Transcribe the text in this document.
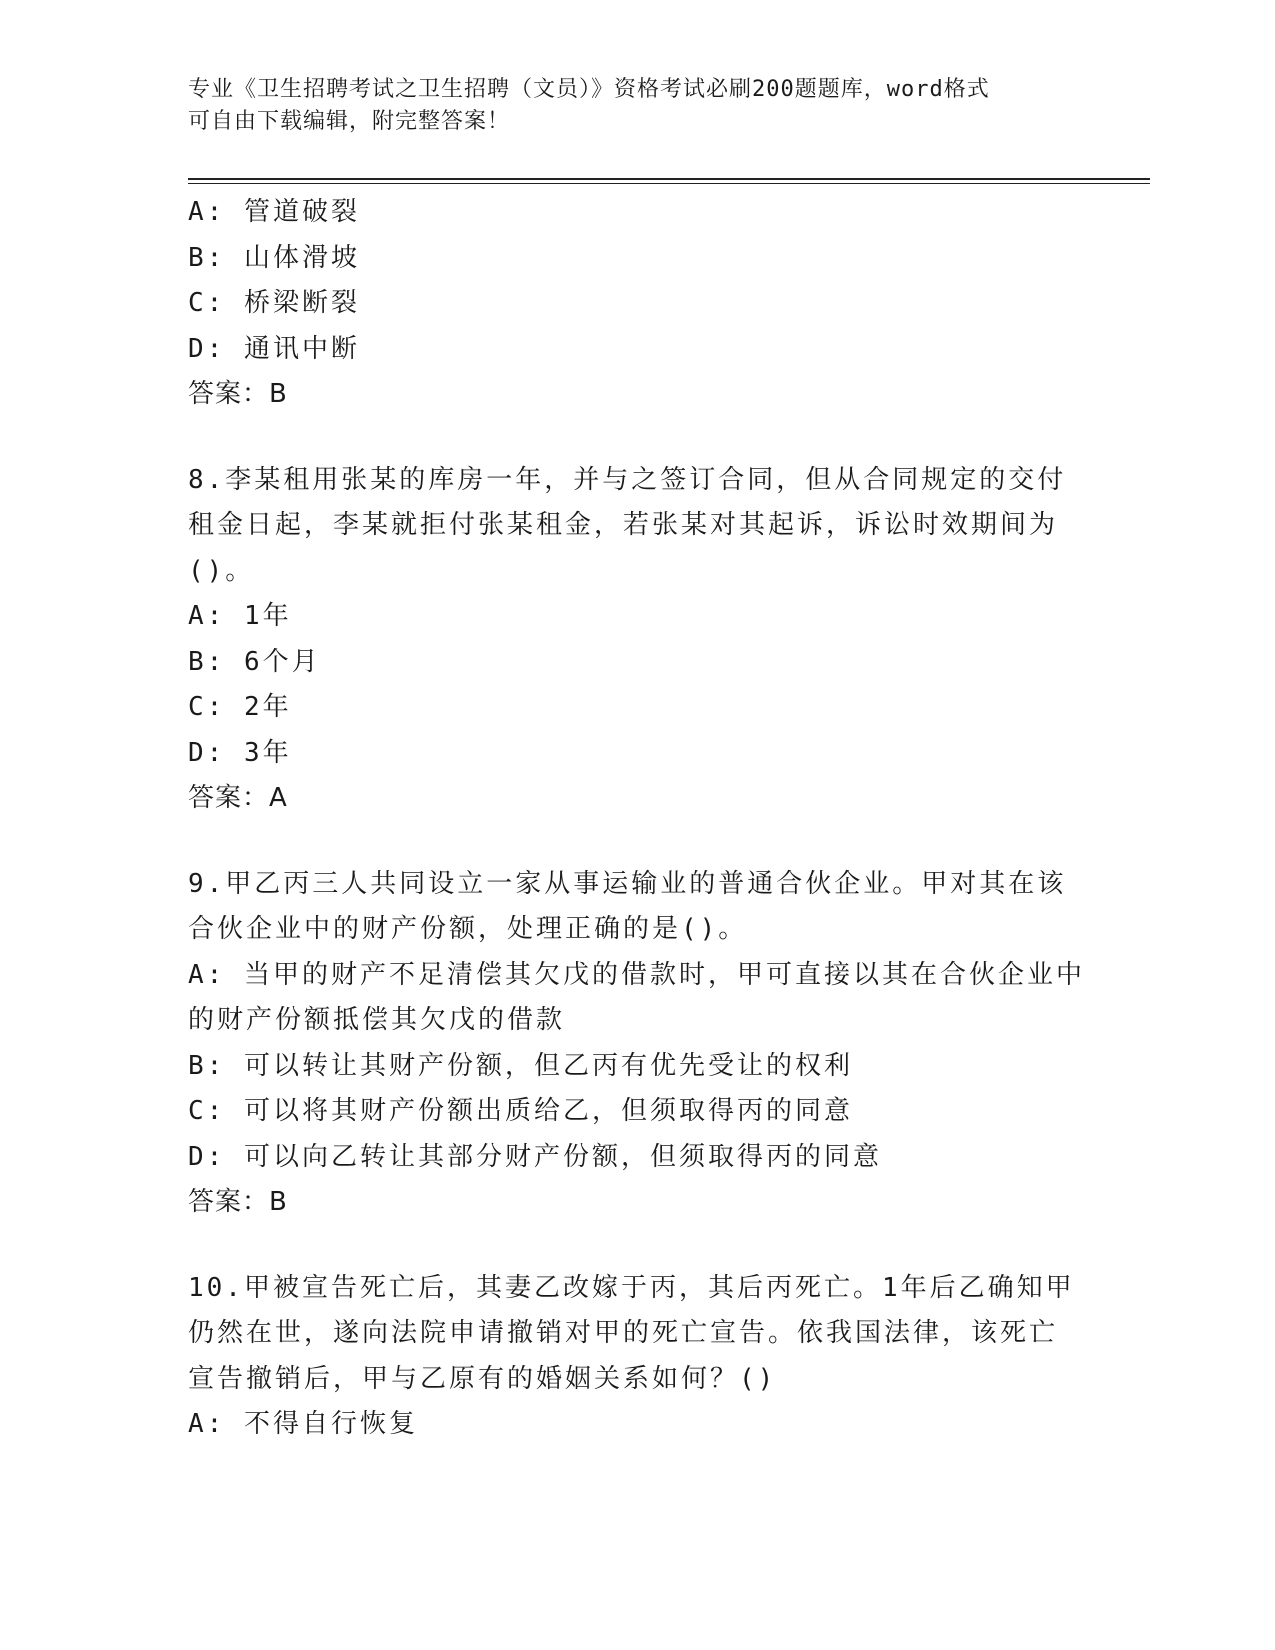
专业《卫生招聘考试之卫生招聘（文员）》资格考试必刷200题题库，word格式
可自由下载编辑，附完整答案！
A: 管道破裂
B: 山体滑坡
C: 桥梁断裂
D: 通讯中断
答案：B
8.李某租用张某的库房一年，并与之签订合同，但从合同规定的交付
租金日起，李某就拒付张某租金，若张某对其起诉，诉讼时效期间为
()。
A: 1年
B: 6个月
C: 2年
D: 3年
答案：A
9.甲乙丙三人共同设立一家从事运输业的普通合伙企业。甲对其在该
合伙企业中的财产份额，处理正确的是()。
A: 当甲的财产不足清偿其欠戊的借款时，甲可直接以其在合伙企业中
的财产份额抵偿其欠戊的借款
B: 可以转让其财产份额，但乙丙有优先受让的权利
C: 可以将其财产份额出质给乙，但须取得丙的同意
D: 可以向乙转让其部分财产份额，但须取得丙的同意
答案：B
10.甲被宣告死亡后，其妻乙改嫁于丙，其后丙死亡。1年后乙确知甲
仍然在世，遂向法院申请撤销对甲的死亡宣告。依我国法律，该死亡
宣告撤销后，甲与乙原有的婚姻关系如何？()
A: 不得自行恢复
